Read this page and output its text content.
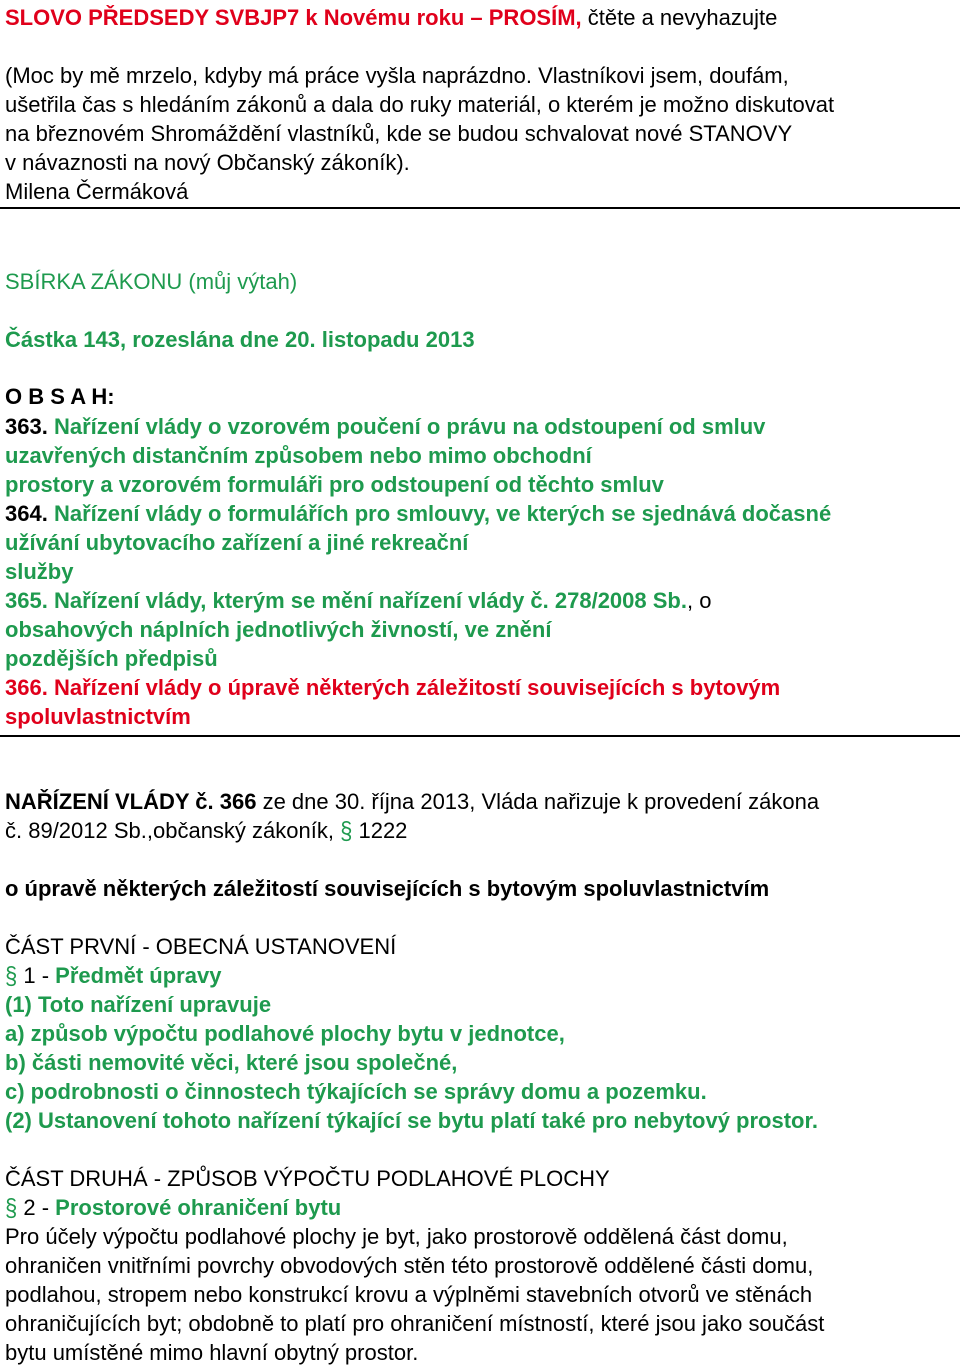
SLOVO PŘEDSEDY SVBJP7 k Novému roku – PROSÍM, čtěte a nevyhazujte
(Moc by mě mrzelo, kdyby má práce vyšla naprázdno. Vlastníkovi jsem, doufám,
ušetřila čas s hledáním zákonů a dala do ruky materiál, o kterém je možno diskutovat
na březnovém Shromáždění vlastníků, kde se budou schvalovat nové STANOVY
v návaznosti na nový Občanský zákoník).
Milena Čermáková
SBÍRKA ZÁKONU (můj výtah)
Částka 143, rozeslána dne 20. listopadu 2013
O B S A H:
363. Nařízení vlády o vzorovém poučení o právu na odstoupení od smluv
uzavřených distančním způsobem nebo mimo obchodní
prostory a vzorovém formuláři pro odstoupení od těchto smluv
364. Nařízení vlády o formulářích pro smlouvy, ve kterých se sjednává dočasné
užívání ubytovacího zařízení a jiné rekreační
služby
365. Nařízení vlády, kterým se mění nařízení vlády č. 278/2008 Sb., o
obsahových náplních jednotlivých živností, ve znění
pozdějších předpisů
366. Nařízení vlády o úpravě některých záležitostí souvisejících s bytovým
spoluvlastnictvím
NAŘÍZENÍ VLÁDY č. 366 ze dne 30. října 2013, Vláda nařizuje k provedení zákona
č. 89/2012 Sb.,občanský zákoník, § 1222
o úpravě některých záležitostí souvisejících s bytovým spoluvlastnictvím
ČÁST PRVNÍ - OBECNÁ USTANOVENÍ
§ 1 - Předmět úpravy
(1) Toto nařízení upravuje
a) způsob výpočtu podlahové plochy bytu v jednotce,
b) části nemovité věci, které jsou společné,
c) podrobnosti o činnostech týkajících se správy domu a pozemku.
(2) Ustanovení tohoto nařízení týkající se bytu platí také pro nebytový prostor.
ČÁST DRUHÁ - ZPŮSOB VÝPOČTU PODLAHOVÉ PLOCHY
§ 2 - Prostorové ohraničení bytu
Pro účely výpočtu podlahové plochy je byt, jako prostorově oddělená část domu,
ohraničen vnitřními povrchy obvodových stěn této prostorově oddělené části domu,
podlahou, stropem nebo konstrukcí krovu a výplněmi stavebních otvorů ve stěnách
ohraničujících byt; obdobně to platí pro ohraničení místností, které jsou jako součást
bytu umístěné mimo hlavní obytný prostor.
